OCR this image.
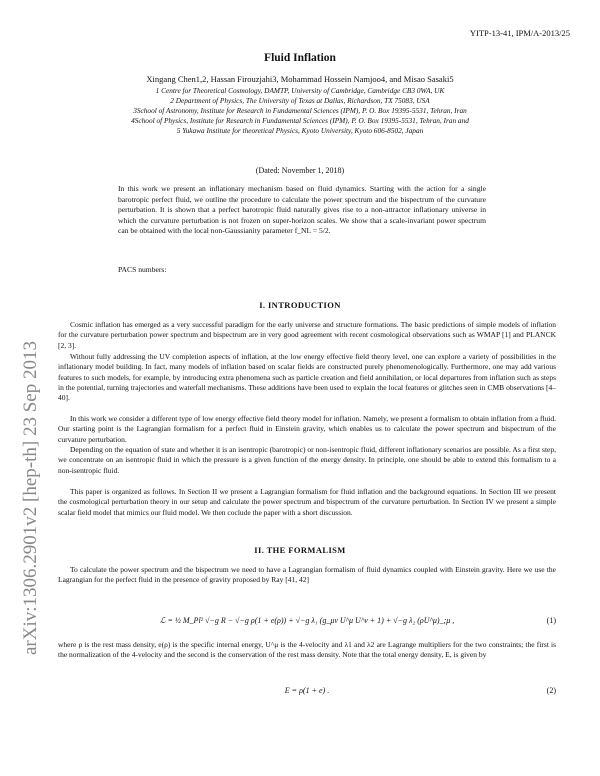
YITP-13-41, IPM/A-2013/25
arXiv:1306.2901v2 [hep-th] 23 Sep 2013
Fluid Inflation
Xingang Chen1,2, Hassan Firouzjahi3, Mohammad Hossein Namjoo4, and Misao Sasaki5
1 Centre for Theoretical Cosmology, DAMTP, University of Cambridge, Cambridge CB3 0WA, UK
2 Department of Physics, The University of Texas at Dallas, Richardson, TX 75083, USA
3School of Astronomy, Institute for Research in Fundamental Sciences (IPM), P. O. Box 19395-5531, Tehran, Iran
4School of Physics, Institute for Research in Fundamental Sciences (IPM), P. O. Box 19395-5531, Tehran, Iran and
5 Yukawa Institute for theoretical Physics, Kyoto University, Kyoto 606-8502, Japan
(Dated: November 1, 2018)
In this work we present an inflationary mechanism based on fluid dynamics. Starting with the action for a single barotropic perfect fluid, we outline the procedure to calculate the power spectrum and the bispectrum of the curvature perturbation. It is shown that a perfect barotropic fluid naturally gives rise to a non-attractor inflationary universe in which the curvature perturbation is not frozen on super-horizon scales. We show that a scale-invariant power spectrum can be obtained with the local non-Gaussianity parameter f_NL = 5/2.
PACS numbers:
I. INTRODUCTION
Cosmic inflation has emerged as a very successful paradigm for the early universe and structure formations. The basic predictions of simple models of inflation for the curvature perturbation power spectrum and bispectrum are in very good agreement with recent cosmological observations such as WMAP [1] and PLANCK [2, 3].
Without fully addressing the UV completion aspects of inflation, at the low energy effective field theory level, one can explore a variety of possibilities in the inflationary model building. In fact, many models of inflation based on scalar fields are constructed purely phenomenologically. Furthermore, one may add various features to such models, for example, by introducing extra phenomena such as particle creation and field annihilation, or local departures from inflation such as steps in the potential, turning trajectories and waterfall mechanisms. These additions have been used to explain the local features or glitches seen in CMB observations [4–40].
In this work we consider a different type of low energy effective field theory model for inflation. Namely, we present a formalism to obtain inflation from a fluid. Our starting point is the Lagrangian formalism for a perfect fluid in Einstein gravity, which enables us to calculate the power spectrum and bispectrum of the curvature perturbation.
Depending on the equation of state and whether it is an isentropic (barotropic) or non-isentropic fluid, different inflationary scenarios are possible. As a first step, we concentrate on an isentropic fluid in which the pressure is a given function of the energy density. In principle, one should be able to extend this formalism to a non-isentropic fluid.
This paper is organized as follows. In Section II we present a Lagrangian formalism for fluid inflation and the background equations. In Section III we present the cosmological perturbation theory in our setup and calculate the power spectrum and bispectrum of the curvature perturbation. In Section IV we present a simple scalar field model that mimics our fluid model. We then coclude the paper with a short discussion.
II. THE FORMALISM
To calculate the power spectrum and the bispectrum we need to have a Lagrangian formalism of fluid dynamics coupled with Einstein gravity. Here we use the Lagrangian for the perfect fluid in the presence of gravity proposed by Ray [41, 42]
ℒ = ½ M_Pl² √−g R − √−g ρ(1 + e(ρ)) + √−g λ₁ (g_μν U^μ U^ν + 1) + √−g λ₂ (ρU^μ)_;μ ,	(1)
where ρ is the rest mass density, e(ρ) is the specific internal energy, U^μ is the 4-velocity and λ1 and λ2 are Lagrange multipliers for the two constraints; the first is the normalization of the 4-velocity and the second is the conservation of the rest mass density. Note that the total energy density, E, is given by
E = ρ(1 + e) .	(2)
